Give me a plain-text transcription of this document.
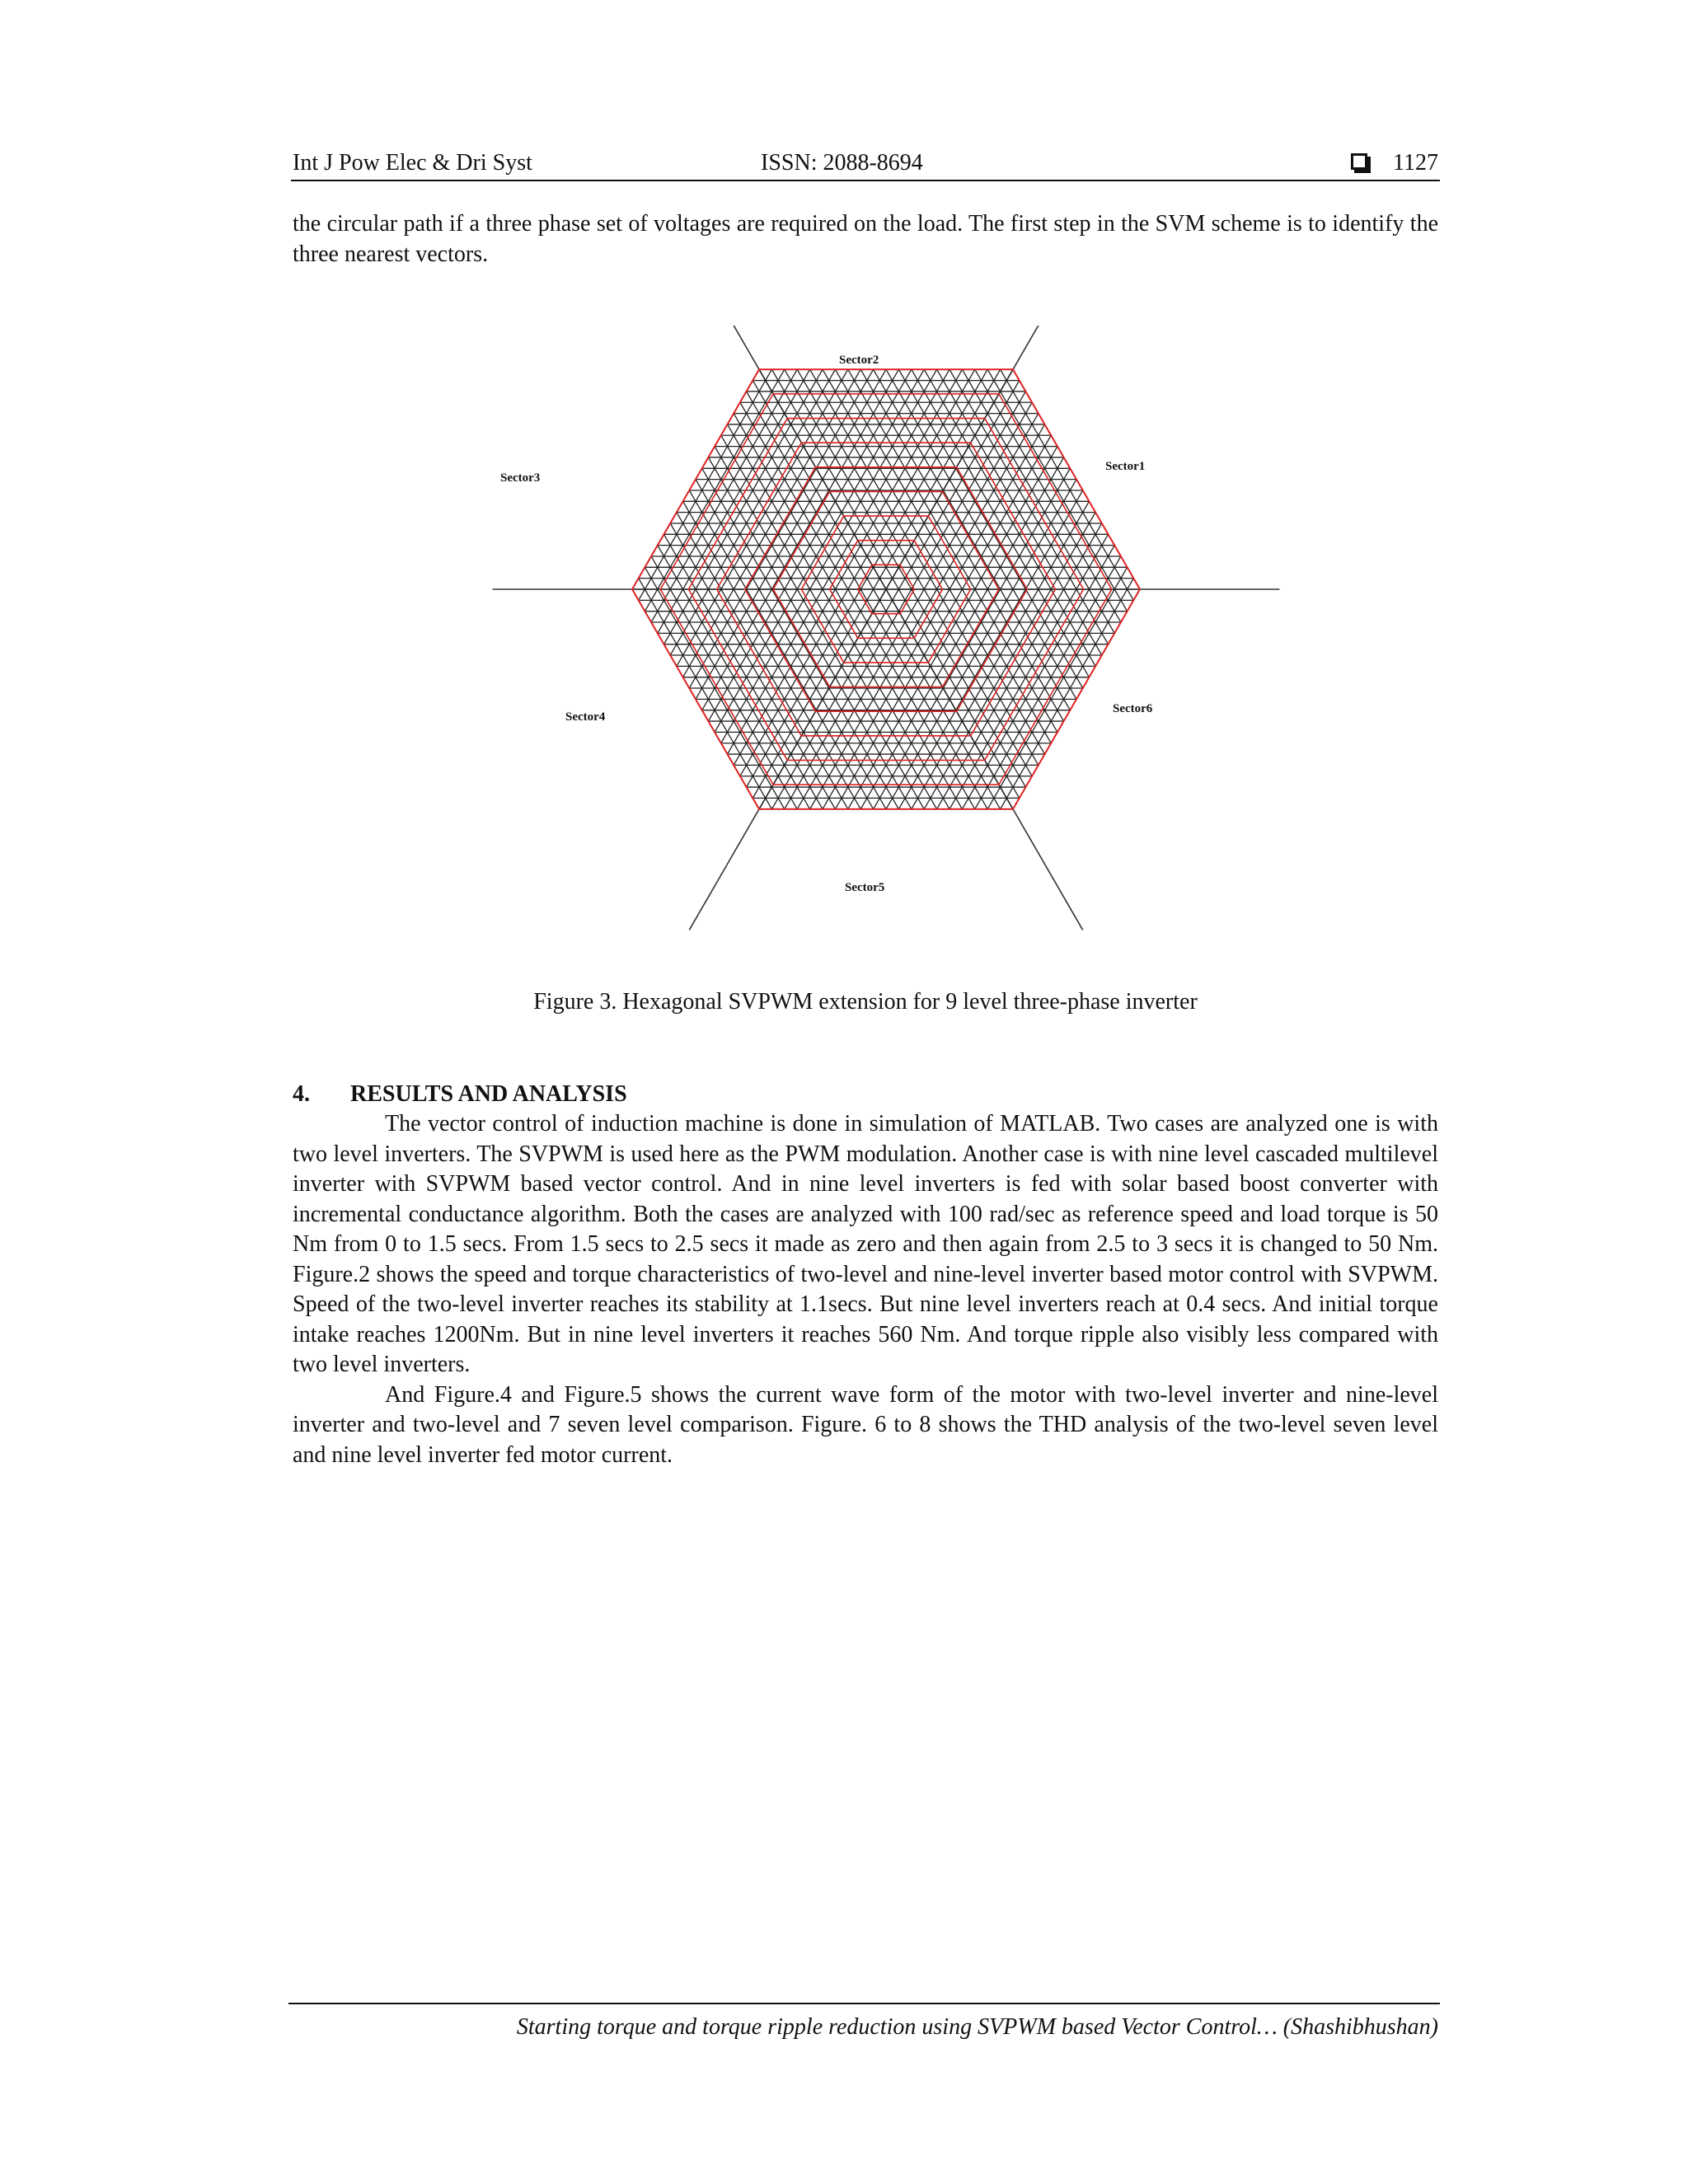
Int J Pow Elec & Dri Syst	ISSN: 2088-8694	1127
the circular path if a three phase set of voltages are required on the load. The first step in the SVM scheme is to identify the three nearest vectors.
Sector2
Sector1
Sector3
Sector4
Sector6
Sector5
Figure 3. Hexagonal SVPWM extension for 9 level three-phase inverter
4. RESULTS AND ANALYSIS
The vector control of induction machine is done in simulation of MATLAB. Two cases are analyzed one is with two level inverters. The SVPWM is used here as the PWM modulation. Another case is with nine level cascaded multilevel inverter with SVPWM based vector control. And in nine level inverters is fed with solar based boost converter with incremental conductance algorithm. Both the cases are analyzed with 100 rad/sec as reference speed and load torque is 50 Nm from 0 to 1.5 secs. From 1.5 secs to 2.5 secs it made as zero and then again from 2.5 to 3 secs it is changed to 50 Nm. Figure.2 shows the speed and torque characteristics of two-level and nine-level inverter based motor control with SVPWM. Speed of the two-level inverter reaches its stability at 1.1secs. But nine level inverters reach at 0.4 secs. And initial torque intake reaches 1200Nm. But in nine level inverters it reaches 560 Nm. And torque ripple also visibly less compared with two level inverters.
And Figure.4 and Figure.5 shows the current wave form of the motor with two-level inverter and nine-level inverter and two-level and 7 seven level comparison. Figure. 6 to 8 shows the THD analysis of the two-level seven level and nine level inverter fed motor current.
Starting torque and torque ripple reduction using SVPWM based Vector Control… (Shashibhushan)
